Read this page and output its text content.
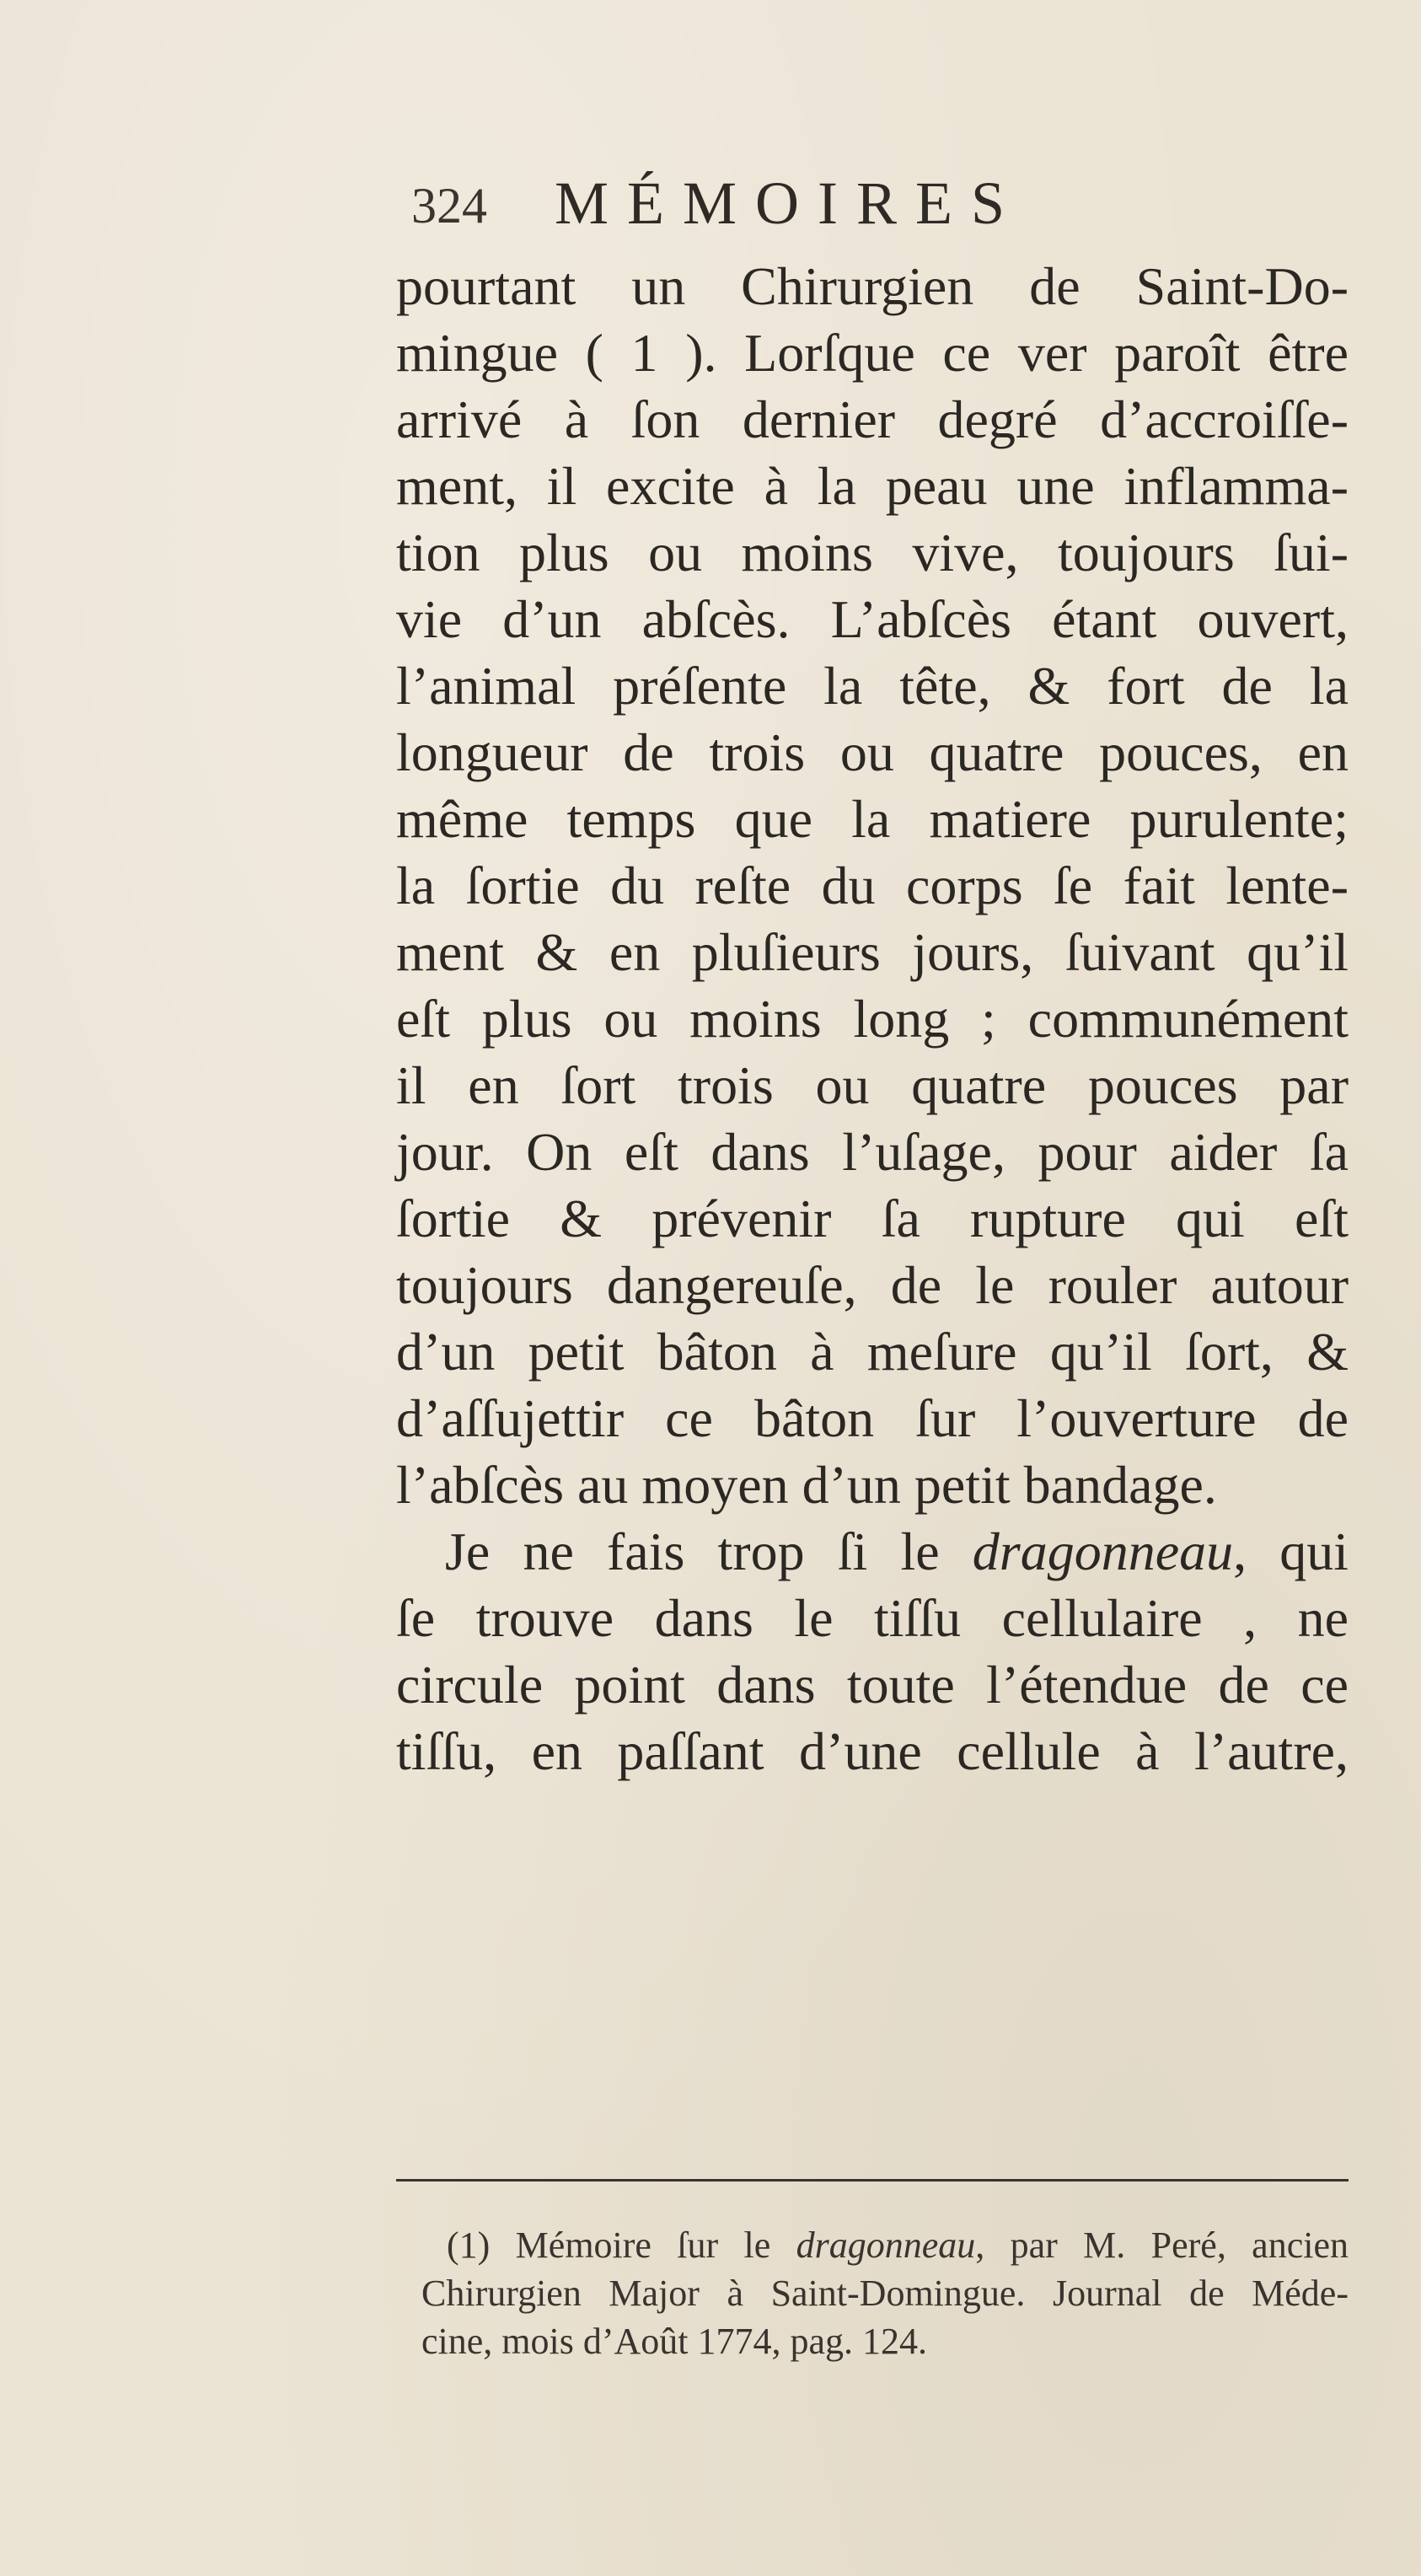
324 MÉMOIRES
pourtant un Chirurgien de Saint-Do-
mingue ( 1 ). Lorſque ce ver paroît être
arrivé à ſon dernier degré d’accroiſſe-
ment, il excite à la peau une inflamma-
tion plus ou moins vive, toujours ſui-
vie d’un abſcès. L’abſcès étant ouvert,
l’animal préſente la tête, & fort de la
longueur de trois ou quatre pouces, en
même temps que la matiere purulente;
la ſortie du reſte du corps ſe fait lente-
ment & en pluſieurs jours, ſuivant qu’il
eſt plus ou moins long ; communément
il en ſort trois ou quatre pouces par
jour. On eſt dans l’uſage, pour aider ſa
ſortie & prévenir ſa rupture qui eſt
toujours dangereuſe, de le rouler autour
d’un petit bâton à meſure qu’il ſort, &
d’aſſujettir ce bâton ſur l’ouverture de
l’abſcès au moyen d’un petit bandage.
Je ne fais trop ſi le dragonneau, qui
ſe trouve dans le tiſſu cellulaire , ne
circule point dans toute l’étendue de ce
tiſſu, en paſſant d’une cellule à l’autre,
(1) Mémoire ſur le dragonneau, par M. Peré, ancien
Chirurgien Major à Saint-Domingue. Journal de Méde-
cine, mois d’Août 1774, pag. 124.
